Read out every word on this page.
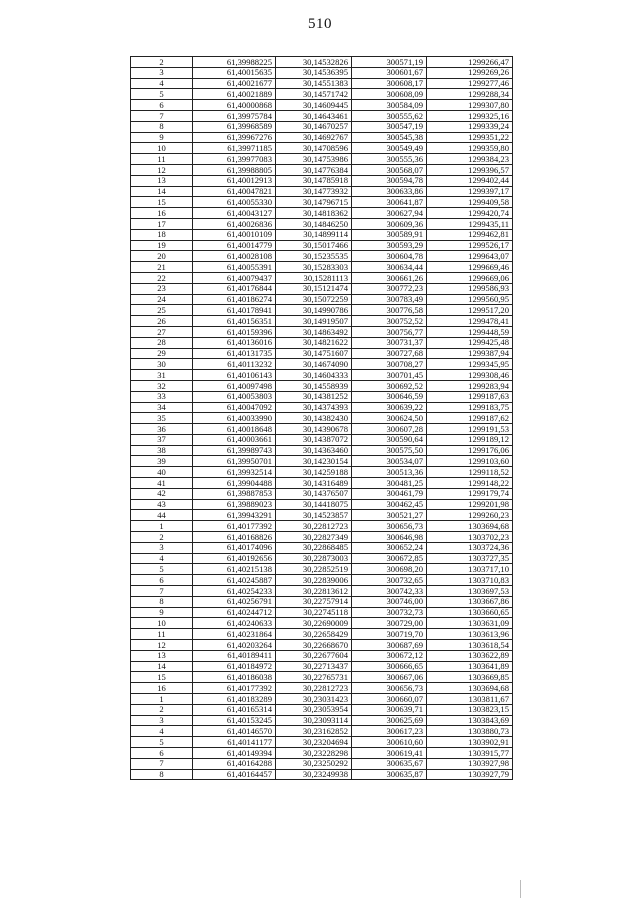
510
2	61,39988225	30,14532826	300571,19	1299266,47
3	61,40015635	30,14536395	300601,67	1299269,26
4	61,40021677	30,14551383	300608,17	1299277,46
5	61,40021889	30,14571742	300608,09	1299288,34
6	61,40000868	30,14609445	300584,09	1299307,80
7	61,39975784	30,14643461	300555,62	1299325,16
8	61,39968589	30,14670257	300547,19	1299339,24
9	61,39967276	30,14692767	300545,38	1299351,22
10	61,39971185	30,14708596	300549,49	1299359,80
11	61,39977083	30,14753986	300555,36	1299384,23
12	61,39988805	30,14776384	300568,07	1299396,57
13	61,40012913	30,14785918	300594,78	1299402,44
14	61,40047821	30,14773932	300633,86	1299397,17
15	61,40055330	30,14796715	300641,87	1299409,58
16	61,40043127	30,14818362	300627,94	1299420,74
17	61,40026836	30,14846250	300609,36	1299435,11
18	61,40010109	30,14899114	300589,91	1299462,81
19	61,40014779	30,15017466	300593,29	1299526,17
20	61,40028108	30,15235535	300604,78	1299643,07
21	61,40055391	30,15283303	300634,44	1299669,46
22	61,40079437	30,15281113	300661,26	1299669,06
23	61,40176844	30,15121474	300772,23	1299586,93
24	61,40186274	30,15072259	300783,49	1299560,95
25	61,40178941	30,14990786	300776,58	1299517,20
26	61,40156351	30,14919507	300752,52	1299478,41
27	61,40159396	30,14863492	300756,77	1299448,59
28	61,40136016	30,14821622	300731,37	1299425,48
29	61,40131735	30,14751607	300727,68	1299387,94
30	61,40113232	30,14674090	300708,27	1299345,95
31	61,40106143	30,14604333	300701,45	1299308,46
32	61,40097498	30,14558939	300692,52	1299283,94
33	61,40053803	30,14381252	300646,59	1299187,63
34	61,40047092	30,14374393	300639,22	1299183,75
35	61,40033990	30,14382430	300624,50	1299187,62
36	61,40018648	30,14390678	300607,28	1299191,53
37	61,40003661	30,14387072	300590,64	1299189,12
38	61,39989743	30,14363460	300575,50	1299176,06
39	61,39950701	30,14230154	300534,07	1299103,60
40	61,39932514	30,14259188	300513,36	1299118,52
41	61,39904488	30,14316489	300481,25	1299148,22
42	61,39887853	30,14376507	300461,79	1299179,74
43	61,39889023	30,14418075	300462,45	1299201,98
44	61,39943291	30,14523857	300521,27	1299260,23
1	61,40177392	30,22812723	300656,73	1303694,68
2	61,40168826	30,22827349	300646,98	1303702,23
3	61,40174096	30,22868485	300652,24	1303724,36
4	61,40192656	30,22873003	300672,85	1303727,35
5	61,40215138	30,22852519	300698,20	1303717,10
6	61,40245887	30,22839006	300732,65	1303710,83
7	61,40254233	30,22813612	300742,33	1303697,53
8	61,40256791	30,22757914	300746,00	1303667,86
9	61,40244712	30,22745118	300732,73	1303660,65
10	61,40240633	30,22690009	300729,00	1303631,09
11	61,40231864	30,22658429	300719,70	1303613,96
12	61,40203264	30,22668670	300687,69	1303618,54
13	61,40189411	30,22677604	300672,12	1303622,89
14	61,40184972	30,22713437	300666,65	1303641,89
15	61,40186038	30,22765731	300667,06	1303669,85
16	61,40177392	30,22812723	300656,73	1303694,68
1	61,40183289	30,23031423	300660,07	1303811,67
2	61,40165314	30,23053954	300639,71	1303823,15
3	61,40153245	30,23093114	300625,69	1303843,69
4	61,40146570	30,23162852	300617,23	1303880,73
5	61,40141177	30,23204694	300610,60	1303902,91
6	61,40149394	30,23228298	300619,41	1303915,77
7	61,40164288	30,23250292	300635,67	1303927,98
8	61,40164457	30,23249938	300635,87	1303927,79
